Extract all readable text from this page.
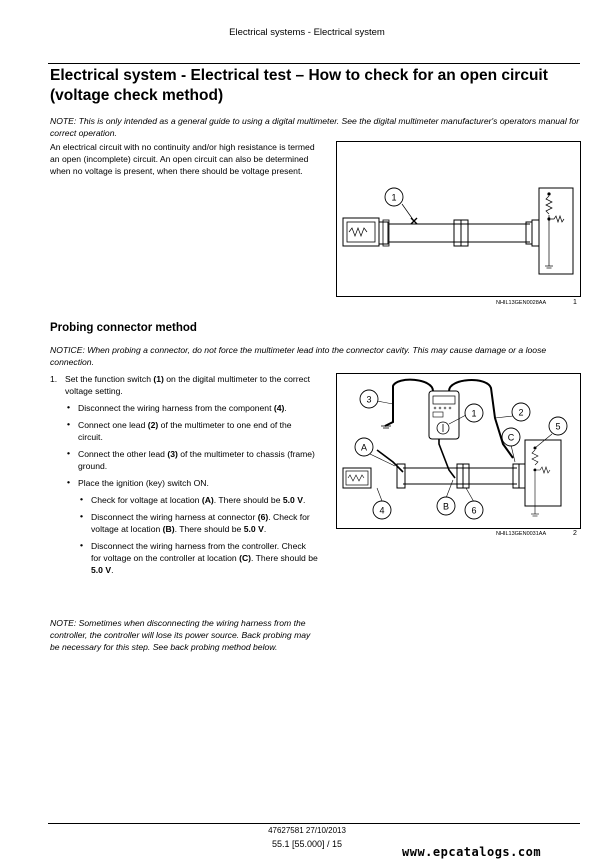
Electrical systems - Electrical system
Electrical system - Electrical test – How to check for an open circuit (voltage check method)
NOTE: This is only intended as a general guide to using a digital multimeter. See the digital multimeter manufacturer's operators manual for correct operation.
An electrical circuit with no continuity and/or high resistance is termed an open (incomplete) circuit. An open circuit can also be determined when no voltage is present, when there should be voltage present.
1
NHIL13GEN0028AA	1
Probing connector method
NOTICE: When probing a connector, do not force the multimeter lead into the connector cavity. This may cause damage or a loose connection.
1. Set the function switch (1) on the digital multimeter to the correct voltage setting.
• Disconnect the wiring harness from the component (4).
• Connect one lead (2) of the multimeter to one end of the circuit.
• Connect the other lead (3) of the multimeter to chassis (frame) ground.
• Place the ignition (key) switch ON.
• Check for voltage at location (A). There should be 5.0 V.
• Disconnect the wiring harness at connector (6). Check for voltage at location (B). There should be 5.0 V.
• Disconnect the wiring harness from the controller. Check for voltage on the controller at location (C). There should be 5.0 V.
NOTE: Sometimes when disconnecting the wiring harness from the controller, the controller will lose its power source. Back probing may be necessary for this step. See back probing method below.
3
1	2
5
A
C
4	B 6
NHIL13GEN0031AA	2
47627581 27/10/2013
55.1 [55.000] / 15
www.epcatalogs.com
